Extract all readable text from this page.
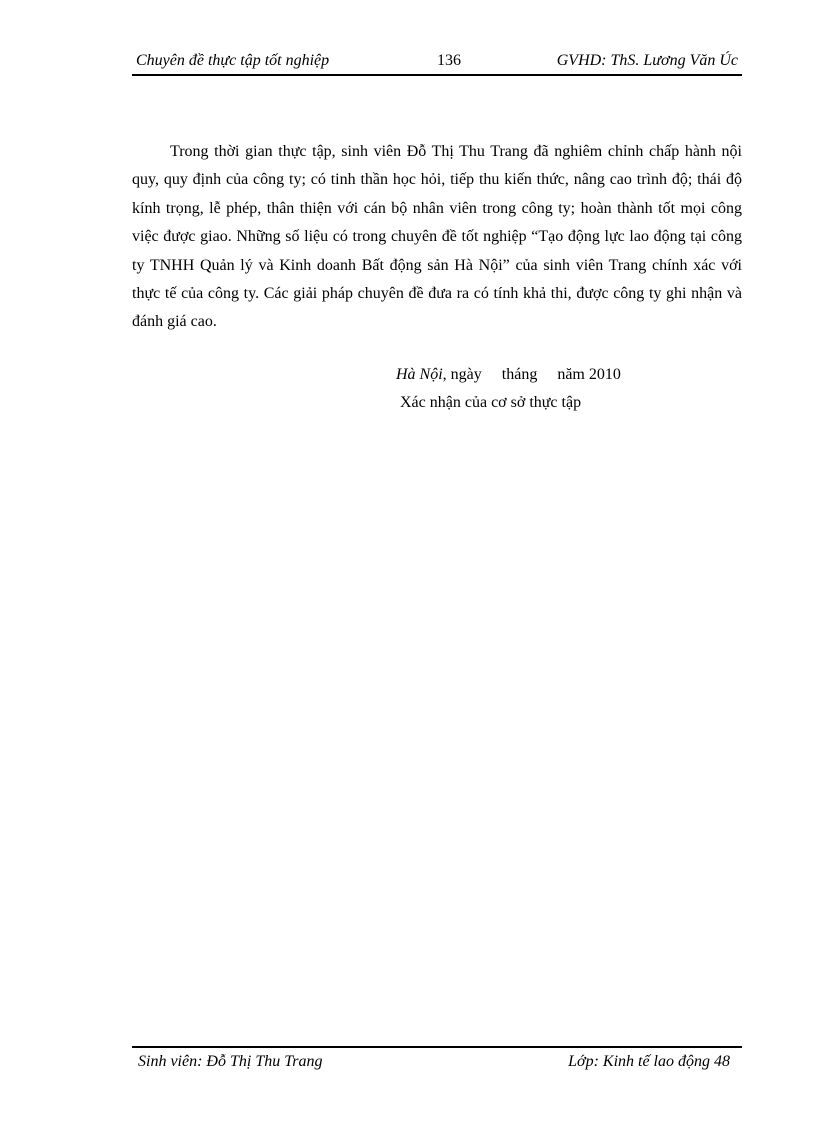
Chuyên đề thực tập tốt nghiệp	136	GVHD: ThS. Lương Văn Úc

Trong thời gian thực tập, sinh viên Đỗ Thị Thu Trang đã nghiêm chỉnh chấp hành nội quy, quy định của công ty; có tinh thần học hỏi, tiếp thu kiến thức, nâng cao trình độ; thái độ kính trọng, lễ phép, thân thiện với cán bộ nhân viên trong công ty; hoàn thành tốt mọi công việc được giao. Những số liệu có trong chuyên đề tốt nghiệp “Tạo động lực lao động tại công ty TNHH Quản lý và Kinh doanh Bất động sản Hà Nội” của sinh viên Trang chính xác với thực tế của công ty. Các giải pháp chuyên đề đưa ra có tính khả thi, được công ty ghi nhận và đánh giá cao.

Hà Nội, ngày     tháng     năm 2010
Xác nhận của cơ sở thực tập
Sinh viên: Đỗ Thị Thu Trang	Lớp: Kinh tế lao động 48
